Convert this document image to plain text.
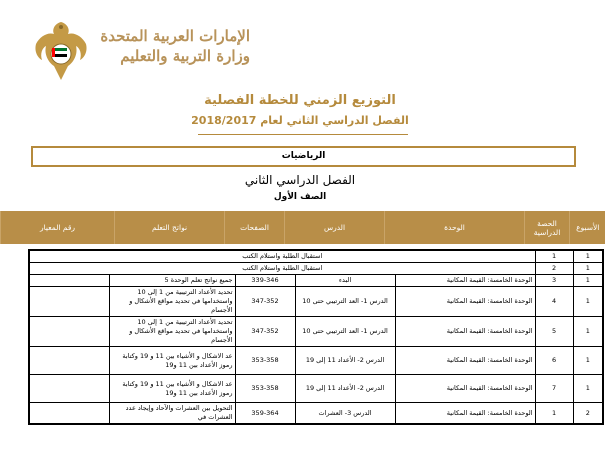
الإمارات العربية المتحدة
وزارة التربية والتعليم
التوزيع الزمني للخطة الفصلية
الفصل الدراسي الثاني لعام 2018/2017
الرياضيات
الفصل الدراسي الثاني
الصف الأول
الأسبوع	الحصة الدراسية	الوحدة	الدرس	الصفحات	نواتج التعلم	رقم المعيار
1	1	استقبال الطلبة واستلام الكتب				
1	2	استقبال الطلبة واستلام الكتب				
1	3	الوحدة الخامسة: القيمة المكانية	البدء	339-346	جميع نواتج تعلم الوحدة 5	
1	4	الوحدة الخامسة: القيمة المكانية	الدرس 1- العد الترتيبي حتى 10	347-352	تحديد الأعداد الترتيبية من 1 إلى 10 واستخدامها في تحديد مواقع الأشكال و الأجسام	
1	5	الوحدة الخامسة: القيمة المكانية	الدرس 1- العد الترتيبي حتى 10	347-352	تحديد الأعداد الترتيبية من 1 إلى 10 واستخدامها في تحديد مواقع الأشكال و الأجسام	
1	6	الوحدة الخامسة: القيمة المكانية	الدرس 2- الأعداد 11 إلى 19	353-358	عد الاشكال و الأشياء بين 11 و 19 وكتابة رموز الأعداد بين 11 و19	
1	7	الوحدة الخامسة: القيمة المكانية	الدرس 2- الأعداد 11 إلى 19	353-358	عد الاشكال و الأشياء بين 11 و 19 وكتابة رموز الأعداد بين 11 و19	
2	1	الوحدة الخامسة: القيمة المكانية	الدرس 3- العشرات	359-364	التحويل بين العشرات والآحاد وإيجاد عدد العشرات في	
